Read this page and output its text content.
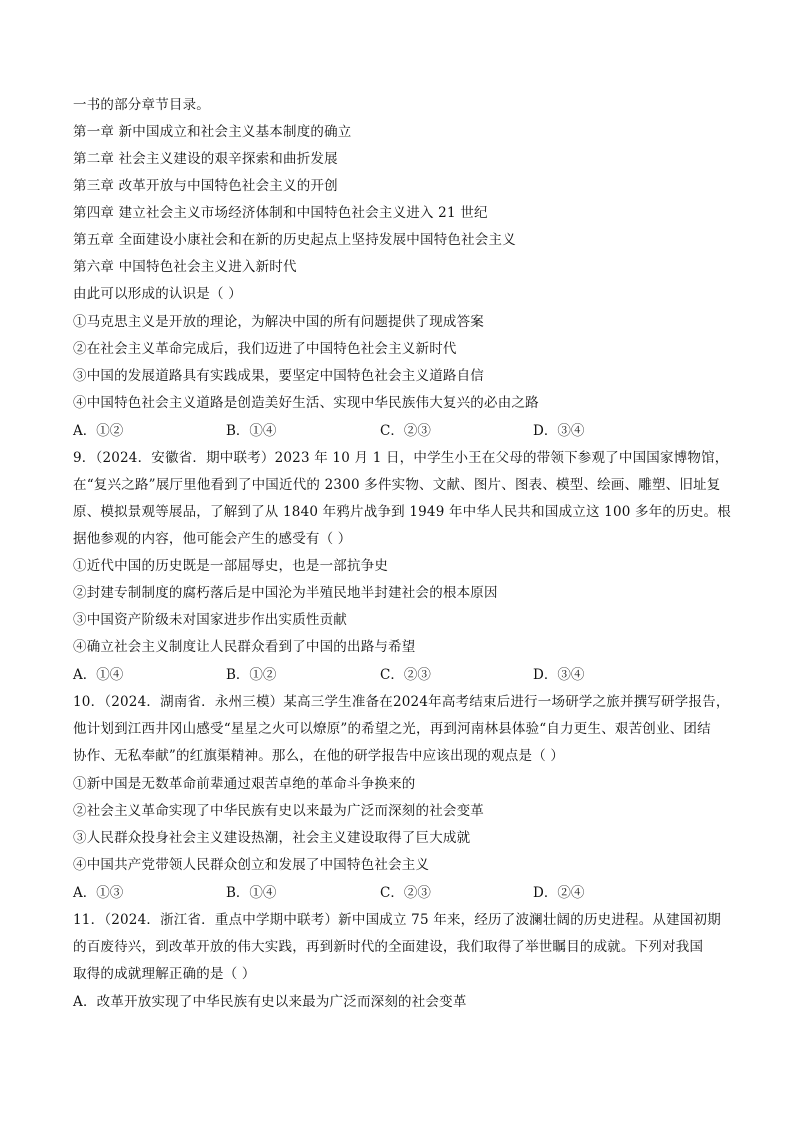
一书的部分章节目录。
第一章 新中国成立和社会主义基本制度的确立
第二章 社会主义建设的艰辛探索和曲折发展
第三章 改革开放与中国特色社会主义的开创
第四章 建立社会主义市场经济体制和中国特色社会主义进入 21 世纪
第五章 全面建设小康社会和在新的历史起点上坚持发展中国特色社会主义
第六章 中国特色社会主义进入新时代
由此可以形成的认识是（ ）
①马克思主义是开放的理论，为解决中国的所有问题提供了现成答案
②在社会主义革命完成后，我们迈进了中国特色社会主义新时代
③中国的发展道路具有实践成果，要坚定中国特色社会主义道路自信
④中国特色社会主义道路是创造美好生活、实现中华民族伟大复兴的必由之路
A．①②	B．①④	C．②③	D．③④
9．（2024．安徽省．期中联考）2023 年 10 月 1 日，中学生小王在父母的带领下参观了中国国家博物馆，
在“复兴之路”展厅里他看到了中国近代的 2300 多件实物、文献、图片、图表、模型、绘画、雕塑、旧址复
原、模拟景观等展品，了解到了从 1840 年鸦片战争到 1949 年中华人民共和国成立这 100 多年的历史。根
据他参观的内容，他可能会产生的感受有（ ）
①近代中国的历史既是一部屈辱史，也是一部抗争史
②封建专制制度的腐朽落后是中国沦为半殖民地半封建社会的根本原因
③中国资产阶级未对国家进步作出实质性贡献
④确立社会主义制度让人民群众看到了中国的出路与希望
A．①④	B．①②	C．②③	D．③④
10．（2024．湖南省．永州三模）某高三学生准备在2024年高考结束后进行一场研学之旅并撰写研学报告，
他计划到江西井冈山感受“星星之火可以燎原”的希望之光，再到河南林县体验“自力更生、艰苦创业、团结
协作、无私奉献”的红旗渠精神。那么，在他的研学报告中应该出现的观点是（ ）
①新中国是无数革命前辈通过艰苦卓绝的革命斗争换来的
②社会主义革命实现了中华民族有史以来最为广泛而深刻的社会变革
③人民群众投身社会主义建设热潮，社会主义建设取得了巨大成就
④中国共产党带领人民群众创立和发展了中国特色社会主义
A．①③	B．①④	C．②③	D．②④
11．（2024．浙江省．重点中学期中联考）新中国成立 75 年来，经历了波澜壮阔的历史进程。从建国初期
的百废待兴，到改革开放的伟大实践，再到新时代的全面建设，我们取得了举世瞩目的成就。下列对我国
取得的成就理解正确的是（ ）
A．改革开放实现了中华民族有史以来最为广泛而深刻的社会变革
